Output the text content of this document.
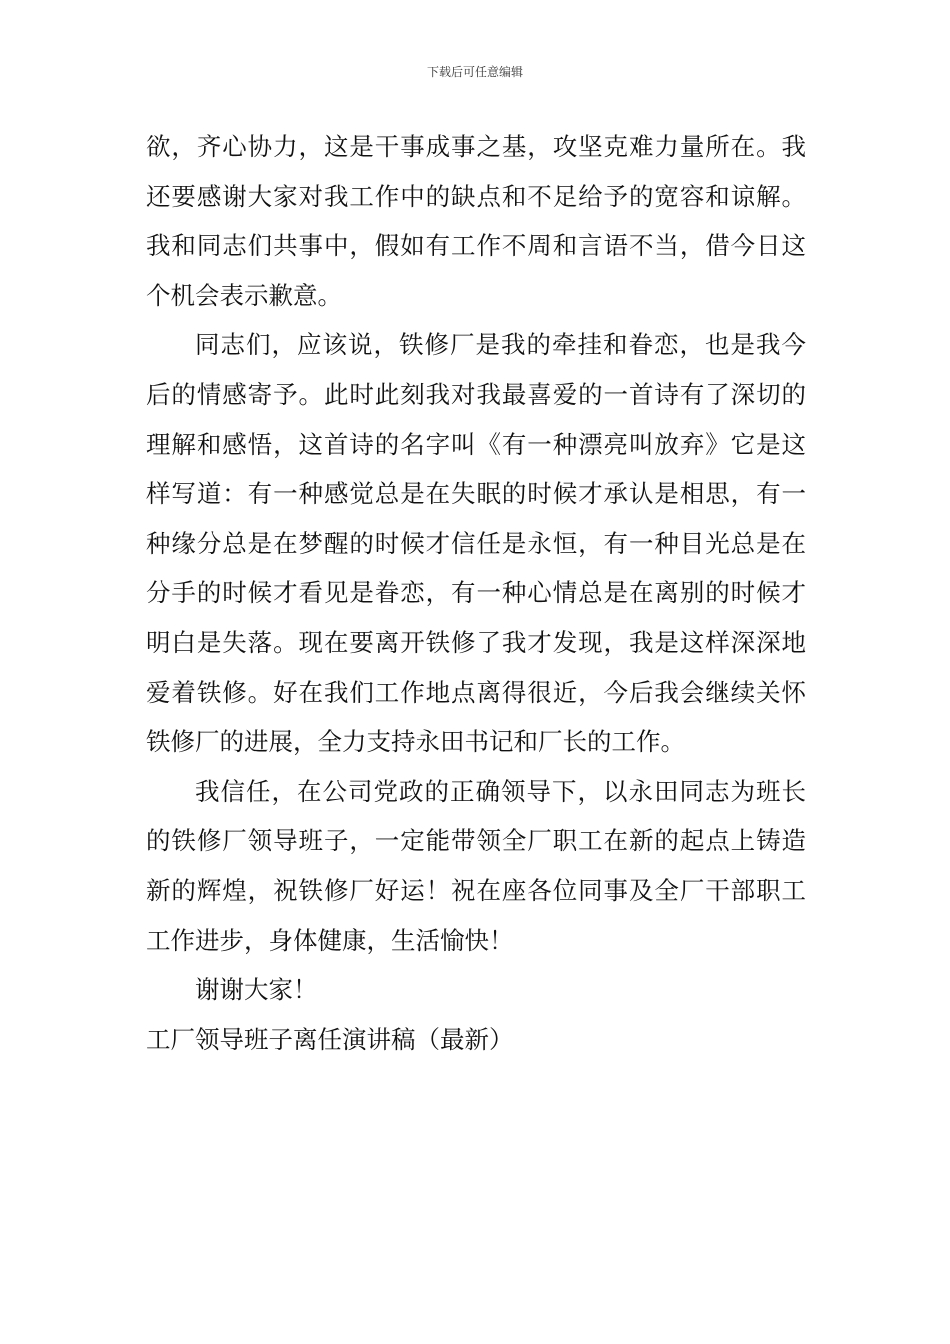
下载后可任意编辑

欲，齐心协力，这是干事成事之基，攻坚克难力量所在。我还要感谢大家对我工作中的缺点和不足给予的宽容和谅解。我和同志们共事中，假如有工作不周和言语不当，借今日这个机会表示歉意。

同志们，应该说，铁修厂是我的牵挂和眷恋，也是我今后的情感寄予。此时此刻我对我最喜爱的一首诗有了深切的理解和感悟，这首诗的名字叫《有一种漂亮叫放弃》它是这样写道：有一种感觉总是在失眠的时候才承认是相思，有一种缘分总是在梦醒的时候才信任是永恒，有一种目光总是在分手的时候才看见是眷恋，有一种心情总是在离别的时候才明白是失落。现在要离开铁修了我才发现，我是这样深深地爱着铁修。好在我们工作地点离得很近，今后我会继续关怀铁修厂的进展，全力支持永田书记和厂长的工作。

我信任，在公司党政的正确领导下，以永田同志为班长的铁修厂领导班子，一定能带领全厂职工在新的起点上铸造新的辉煌，祝铁修厂好运！祝在座各位同事及全厂干部职工工作进步，身体健康，生活愉快！

谢谢大家！

工厂领导班子离任演讲稿（最新）
